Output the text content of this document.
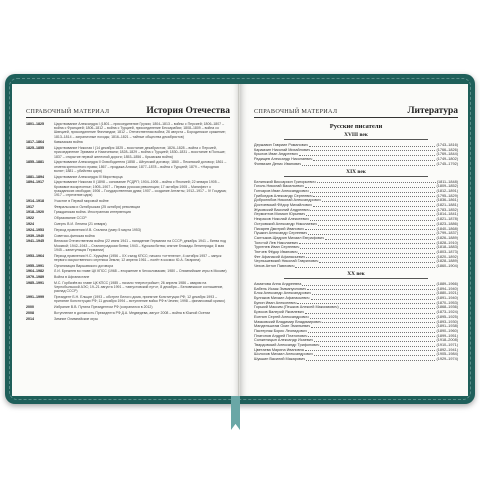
СПРАВОЧНЫЙ МАТЕРИАЛ	История Отечества
1801–1825	Царствование Александра I (1801 – присоединение Грузии; 1804–1813 – войны с Персией; 1806–1807 – война с Францией; 1806–1812 – война с Турцией, присоединение Бессарабии; 1808–1809 – война со Швецией, присоединение Финляндии; 1812 – Отечественная война; 26 августа – Бородинское сражение; 1813–1814 – заграничные походы; 1816–1821 – тайные общества декабристов)
1817–1864	Кавказская война
1825–1855	Царствование Николая I (14 декабря 1825 – восстание декабристов; 1826–1828 – война с Персией, присоединение Эривани и Нахичевани; 1828–1829 – война с Турцией; 1830–1831 – восстание в Польше; 1837 – открытие первой железной дороги; 1853–1856 – Крымская война)
1855–1881	Царствование Александра II Освободителя (1858 – Айгунский договор; 1860 – Пекинский договор; 1861 – отмена крепостного права; 1867 – продажа Аляски; 1877–1878 – война с Турцией; 1879 – «Народная воля»; 1881 – убийство царя)
1881–1894	Царствование Александра III Миротворца
1894–1917	Царствование Николая II (1898 – основание РСДРП; 1904–1905 – война с Японией; 22 января 1905 – Кровавое воскресенье; 1905–1907 – Первая русская революция; 17 октября 1905 – Манифест о гражданских свободах; 1906 – Государственная дума; 1907 – создание Антанты; 1912–1917 – IV Госдума; 1917 – отречение царя)
1914–1918	Участие в Первой мировой войне
1917	Февральская и Октябрьская (25 октября) революции
1918–1920	Гражданская война. Иностранная интервенция
1922	Образование СССР
1924	Смерть В.И. Ленина (21 января)
1924–1953	Период правления И.В. Сталина (умер 5 марта 1953)
1939–1940	Советско-финская война
1941–1945	Великая Отечественная война (22 июня 1941 – нападение Германии на СССР; декабрь 1941 – битва под Москвой; 1942–1943 – Сталинградская битва; 1943 – Курская битва; снятие блокады Ленинграда; 8 мая 1945 – капитуляция Германии)
1953–1964	Период правления Н.С. Хрущёва (1956 – XX съезд КПСС; начало «оттепели», 4 октября 1957 – запуск первого искусственного спутника Земли; 12 апреля 1961 – полёт в космос Ю.А. Гагарина)
1955–1991	Организация Варшавского договора
1964–1982	Л.И. Брежнев во главе ЦК КПСС (1968 – вторжение в Чехословакию; 1980 – Олимпийские игры в Москве)
1979–1989	Война в Афганистане
1985–1991	М.С. Горбачёв во главе ЦК КПСС (1985 – начало «перестройки»; 26 апреля 1986 – авария на Чернобыльской АЭС; 19–21 августа 1991 – «августовский путч», 8 декабря – Беловежское соглашение, распад СССР)
1991–1999	Президент Б.Н. Ельцин (1993 – обстрел Белого дома, принятие Конституции РФ; 12 декабря 1993 – принятие Конституции РФ; 11 декабря 1994 – вступление войск РФ в Чечню; 1998 – финансовый кризис)
2000	Избрание В.В. Путина Президентом РФ (сохранился в 2012)
2008	Вступление в должность Президента РФ Д.А. Медведева, август 2008 – война в Южной Осетии
2014	Зимние Олимпийские игры
СПРАВОЧНЫЙ МАТЕРИАЛ	Литература
Русские писатели
XVIII век
Державин Гавриил Романович	(1743–1816)
Карамзин Николай Михайлович	(1766–1826)
Крылов Иван Андреевич	(1769–1844)
Радищев Александр Николаевич	(1749–1802)
Фонвизин Денис Иванович	(1745–1792)
XIX век
Белинский Виссарион Григорьевич	(1811–1848)
Гоголь Николай Васильевич	(1809–1852)
Гончаров Иван Александрович	(1812–1891)
Грибоедов Александр Сергеевич	(1795–1829)
Добролюбов Николай Александрович	(1836–1861)
Достоевский Фёдор Михайлович	(1821–1881)
Жуковский Василий Андреевич	(1783–1852)
Лермонтов Михаил Юрьевич	(1814–1841)
Некрасов Николай Алексеевич	(1821–1878)
Островский Александр Николаевич	(1823–1886)
Писарев Дмитрий Иванович	(1840–1868)
Пушкин Александр Сергеевич	(1799–1837)
Салтыков-Щедрин Михаил Евграфович	(1826–1889)
Толстой Лев Николаевич	(1828–1910)
Тургенев Иван Сергеевич	(1818–1883)
Тютчев Фёдор Иванович	(1803–1873)
Фет Афанасий Афанасьевич	(1820–1892)
Чернышевский Николай Гаврилович	(1828–1889)
Чехов Антон Павлович	(1860–1904)
XX век
Ахматова Анна Андреевна	(1889–1966)
Бабель Исаак Эммануилович	(1894–1940)
Блок Александр Александрович	(1880–1921)
Булгаков Михаил Афанасьевич	(1891–1940)
Бунин Иван Алексеевич	(1870–1953)
Горький Максим (Пешков Алексей Максимович)	(1868–1936)
Брюсов Валерий Яковлевич	(1873–1924)
Есенин Сергей Александрович	(1895–1925)
Маяковский Владимир Владимирович	(1893–1930)
Мандельштам Осип Эмильевич	(1891–1938)
Пастернак Борис Леонидович	(1890–1960)
Платонов Андрей Платонович	(1899–1951)
Солженицын Александр Исаевич	(1918–2008)
Твардовский Александр Трифонович	(1910–1971)
Цветаева Марина Ивановна	(1892–1941)
Шолохов Михаил Александрович	(1905–1984)
Шукшин Василий Макарович	(1929–1974)
